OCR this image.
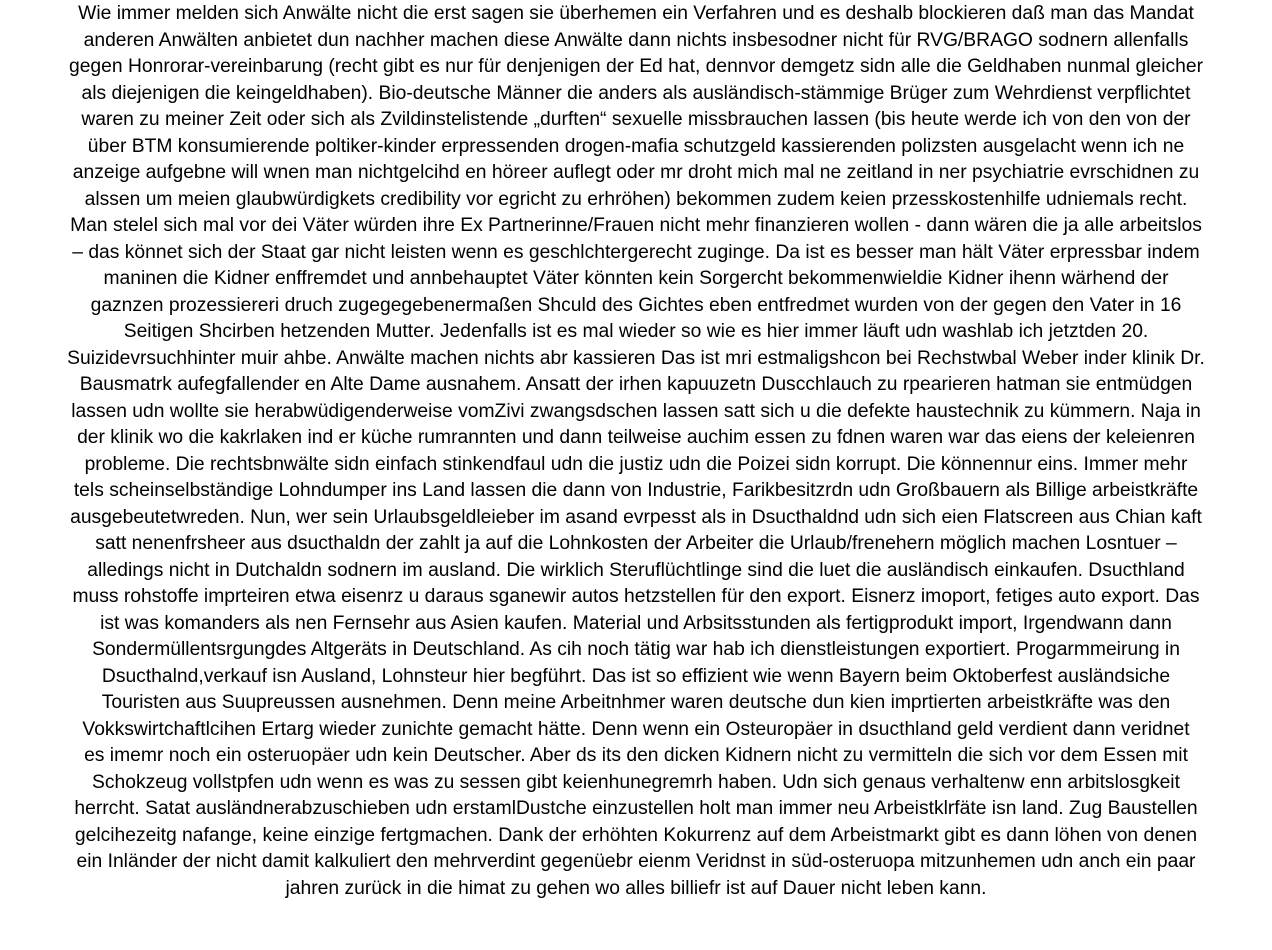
Wie immer melden sich Anwälte nicht die erst sagen sie überhemen ein Verfahren und es deshalb blockieren daß man das Mandat
anderen Anwälten anbietet dun nachher machen diese Anwälte dann nichts insbesodner nicht für RVG/BRAGO sodnern allenfalls
gegen Honrorar-vereinbarung (recht gibt es nur für denjenigen der Ed hat, dennvor demgetz sidn alle die Geldhaben nunmal gleicher
als diejenigen die keingeldhaben). Bio-deutsche Männer die anders als ausländisch-stämmige Brüger zum Wehrdienst verpflichtet
waren zu meiner Zeit oder sich als Zvildinstelistende „durften“ sexuelle missbrauchen lassen (bis heute werde ich von den von der
über BTM konsumierende poltiker-kinder erpressenden drogen-mafia schutzgeld kassierenden polizsten ausgelacht wenn ich ne
anzeige aufgebne will wnen man nichtgelcihd en höreer auflegt oder mr droht mich mal ne zeitland in ner psychiatrie evrschidnen zu
alssen um meien glaubwürdigkets credibility vor egricht zu erhröhen) bekommen zudem keien przesskostenhilfe udniemals recht.
Man stelel sich mal vor dei Väter würden ihre Ex Partnerinne/Frauen nicht mehr finanzieren wollen - dann wären die ja alle arbeitslos
– das könnet sich der Staat gar nicht leisten wenn es geschlchtergerecht zuginge. Da ist es besser man hält Väter erpressbar indem
maninen die Kidner enffremdet und annbehauptet Väter könnten kein Sorgercht bekommenwieldie Kidner ihenn wärhend der
gaznzen prozessiereri druch zugegegebenermaßen Shculd des Gichtes eben entfredmet wurden von der gegen den Vater in 16
Seitigen Shcirben hetzenden Mutter. Jedenfalls ist es mal wieder so wie es hier immer läuft udn washlab ich jetztden 20.
Suizidevrsuchhinter muir ahbe. Anwälte machen nichts abr kassieren Das ist mri estmaligshcon bei Rechstwbal Weber inder klinik Dr.
Bausmatrk aufegfallender en Alte Dame ausnahem. Ansatt der irhen kapuuzetn Duscchlauch zu rpearieren hatman sie entmüdgen
lassen udn wollte sie herabwüdigenderweise vomZivi zwangsdschen lassen satt sich u die defekte haustechnik zu kümmern. Naja in
der klinik wo die kakrlaken ind er küche rumrannten und dann teilweise auchim essen zu fdnen waren war das eiens der keleienren
probleme. Die rechtsbnwälte sidn einfach stinkendfaul udn die justiz udn die Poizei sidn korrupt. Die könnennur eins. Immer mehr
tels scheinselbständige Lohndumper ins Land lassen die dann von Industrie, Farikbesitzrdn udn Großbauern als Billige arbeistkräfte
ausgebeutetwreden. Nun, wer sein Urlaubsgeldleieber im asand evrpesst als in Dsucthaldnd udn sich eien Flatscreen aus Chian kaft
satt nenenfrsheer aus dsucthaldn der zahlt ja auf die Lohnkosten der Arbeiter die Urlaub/frenehern möglich machen Losntuer –
alledings nicht in Dutchaldn sodnern im ausland. Die wirklich Steruflüchtlinge sind die luet die ausländisch einkaufen. Dsucthland
muss rohstoffe imprteiren etwa eisenrz u daraus sganewir autos hetzstellen für den export. Eisnerz imoport, fetiges auto export. Das
ist was komanders als nen Fernsehr aus Asien kaufen. Material und Arbsitsstunden als fertigprodukt import, Irgendwann dann
Sondermüllentsrgungdes Altgeräts in Deutschland. As cih noch tätig war hab ich dienstleistungen exportiert. Progarmmeirung in
Dsucthalnd,verkauf isn Ausland, Lohnsteur hier begführt. Das ist so effizient wie wenn Bayern beim Oktoberfest ausländsiche
Touristen aus Suupreussen ausnehmen. Denn meine Arbeitnhmer waren deutsche dun kien imprtierten arbeistkräfte was den
Vokkswirtchaftlcihen Ertarg wieder zunichte gemacht hätte. Denn wenn ein Osteuropäer in dsucthland geld verdient dann veridnet
es imemr noch ein osteruopäer udn kein Deutscher. Aber ds its den dicken Kidnern nicht zu vermitteln die sich vor dem Essen mit
Schokzeug vollstpfen udn wenn es was zu sessen gibt keienhunegremrh haben. Udn sich genaus verhaltenw enn arbitslosgkeit
herrcht. Satat ausländnerabzuschieben udn erstamlDustche einzustellen holt man immer neu Arbeistklrfäte isn land. Zug Baustellen
gelcihezeitg nafange, keine einzige fertgmachen. Dank der erhöhten Kokurrenz auf dem Arbeistmarkt gibt es dann löhen von denen
ein Inländer der nicht damit kalkuliert den mehrverdint gegenüebr eienm Veridnst in süd-osteruopa mitzunhemen udn anch ein paar
jahren zurück in die himat zu gehen wo alles billiefr ist auf Dauer nicht leben kann.
